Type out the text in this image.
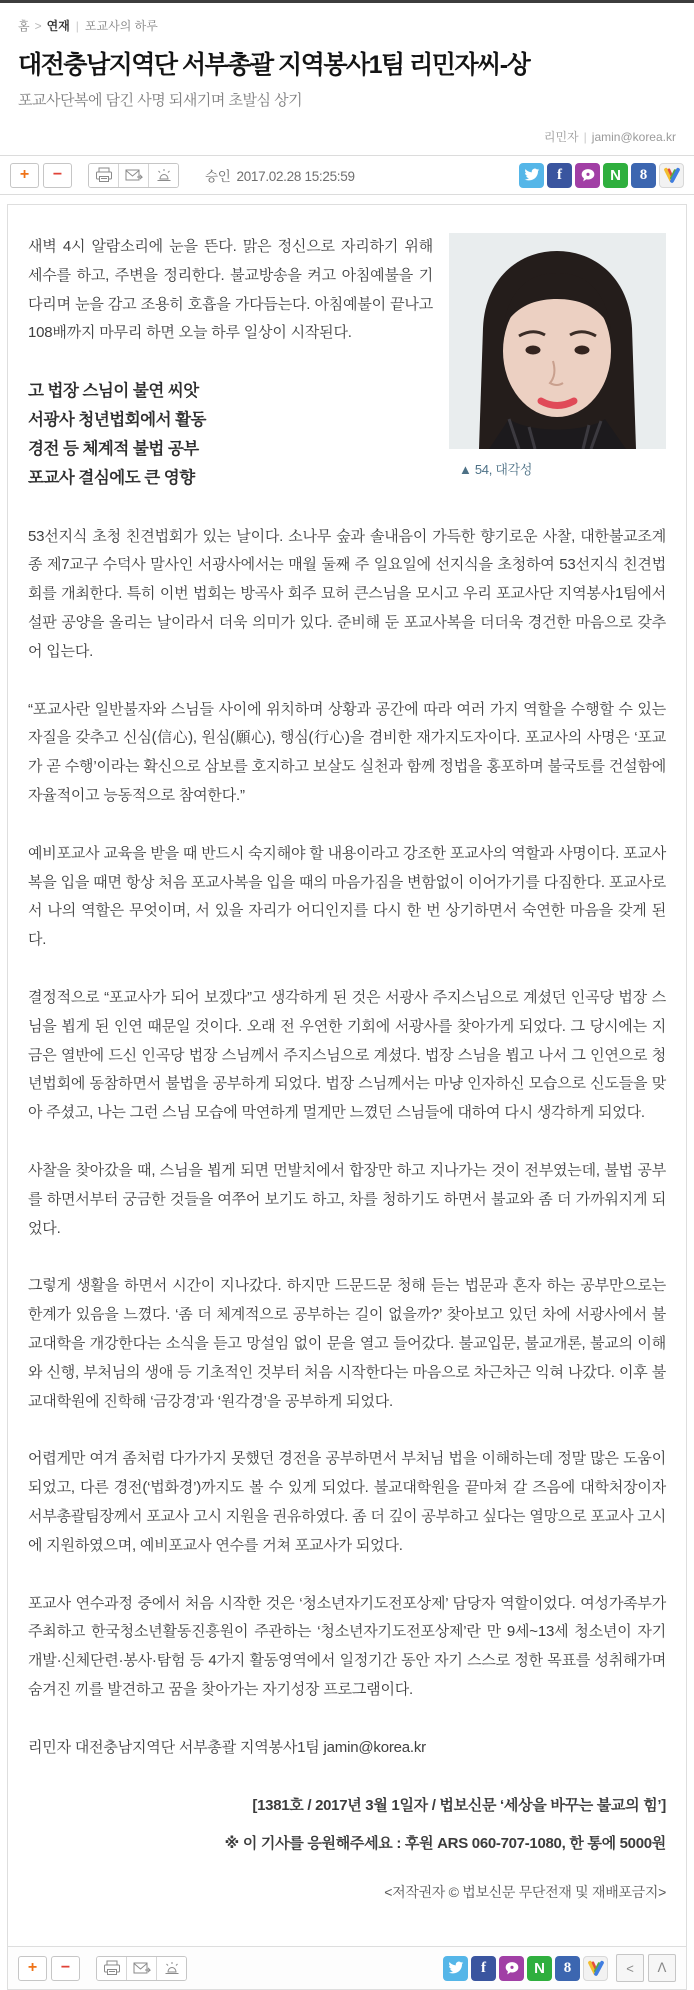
홈 > 연재 | 포교사의 하루
대전충남지역단 서부총괄 지역봉사1팀 리민자씨-상
포교사단복에 담긴 사명 되새기며 초발심 상기
리민자 | jamin@korea.kr
+	−	승인 2017.02.28 15:25:59	f	N	8
▲ 54, 대각성

새벽 4시 알람소리에 눈을 뜬다. 맑은 정신으로 자리하기 위해 세수를 하고, 주변을 정리한다. 불교방송을 켜고 아침예불을 기다리며 눈을 감고 조용히 호흡을 가다듬는다. 아침예불이 끝나고 108배까지 마무리 하면 오늘 하루 일상이 시작된다.

고 법장 스님이 불연 씨앗
서광사 청년법회에서 활동
경전 등 체계적 불법 공부
포교사 결심에도 큰 영향

53선지식 초청 친견법회가 있는 날이다. 소나무 숲과 솔내음이 가득한 향기로운 사찰, 대한불교조계종 제7교구 수덕사 말사인 서광사에서는 매월 둘째 주 일요일에 선지식을 초청하여 53선지식 친견법회를 개최한다. 특히 이번 법회는 방곡사 회주 묘허 큰스님을 모시고 우리 포교사단 지역봉사1팀에서 설판 공양을 올리는 날이라서 더욱 의미가 있다. 준비해 둔 포교사복을 더더욱 경건한 마음으로 갖추어 입는다.

“포교사란 일반불자와 스님들 사이에 위치하며 상황과 공간에 따라 여러 가지 역할을 수행할 수 있는 자질을 갖추고 신심(信心), 원심(願心), 행심(行心)을 겸비한 재가지도자이다. 포교사의 사명은 ‘포교가 곧 수행’이라는 확신으로 삼보를 호지하고 보살도 실천과 함께 정법을 홍포하며 불국토를 건설함에 자율적이고 능동적으로 참여한다.”

예비포교사 교육을 받을 때 반드시 숙지해야 할 내용이라고 강조한 포교사의 역할과 사명이다. 포교사복을 입을 때면 항상 처음 포교사복을 입을 때의 마음가짐을 변함없이 이어가기를 다짐한다. 포교사로서 나의 역할은 무엇이며, 서 있을 자리가 어디인지를 다시 한 번 상기하면서 숙연한 마음을 갖게 된다.

결정적으로 “포교사가 되어 보겠다”고 생각하게 된 것은 서광사 주지스님으로 계셨던 인곡당 법장 스님을 뵙게 된 인연 때문일 것이다. 오래 전 우연한 기회에 서광사를 찾아가게 되었다. 그 당시에는 지금은 열반에 드신 인곡당 법장 스님께서 주지스님으로 계셨다. 법장 스님을 뵙고 나서 그 인연으로 청년법회에 동참하면서 불법을 공부하게 되었다. 법장 스님께서는 마냥 인자하신 모습으로 신도들을 맞아 주셨고, 나는 그런 스님 모습에 막연하게 멀게만 느꼈던 스님들에 대하여 다시 생각하게 되었다.

사찰을 찾아갔을 때, 스님을 뵙게 되면 먼발치에서 합장만 하고 지나가는 것이 전부였는데, 불법 공부를 하면서부터 궁금한 것들을 여쭈어 보기도 하고, 차를 청하기도 하면서 불교와 좀 더 가까워지게 되었다.

그렇게 생활을 하면서 시간이 지나갔다. 하지만 드문드문 청해 듣는 법문과 혼자 하는 공부만으로는 한계가 있음을 느꼈다. ‘좀 더 체계적으로 공부하는 길이 없을까?’ 찾아보고 있던 차에 서광사에서 불교대학을 개강한다는 소식을 듣고 망설임 없이 문을 열고 들어갔다. 불교입문, 불교개론, 불교의 이해와 신행, 부처님의 생애 등 기초적인 것부터 처음 시작한다는 마음으로 차근차근 익혀 나갔다. 이후 불교대학원에 진학해 ‘금강경’과 ‘원각경’을 공부하게 되었다.

어렵게만 여겨 좀처럼 다가가지 못했던 경전을 공부하면서 부처님 법을 이해하는데 정말 많은 도움이 되었고, 다른 경전(‘법화경’)까지도 볼 수 있게 되었다. 불교대학원을 끝마쳐 갈 즈음에 대학처장이자 서부총괄팀장께서 포교사 고시 지원을 권유하였다. 좀 더 깊이 공부하고 싶다는 열망으로 포교사 고시에 지원하였으며, 예비포교사 연수를 거쳐 포교사가 되었다.

포교사 연수과정 중에서 처음 시작한 것은 ‘청소년자기도전포상제’ 담당자 역할이었다. 여성가족부가 주최하고 한국청소년활동진흥원이 주관하는 ‘청소년자기도전포상제’란 만 9세~13세 청소년이 자기개발·신체단련·봉사·탐험 등 4가지 활동영역에서 일정기간 동안 자기 스스로 정한 목표를 성취해가며 숨겨진 끼를 발견하고 꿈을 찾아가는 자기성장 프로그램이다.

리민자 대전충남지역단 서부총괄 지역봉사1팀 jamin@korea.kr

[1381호 / 2017년 3월 1일자 / 법보신문 ‘세상을 바꾸는 불교의 힘’]
※ 이 기사를 응원해주세요 : 후원 ARS 060-707-1080, 한 통에 5000원
<저작권자 © 법보신문 무단전재 및 재배포금지>
+	−	f	N	8	<	ᐱ
